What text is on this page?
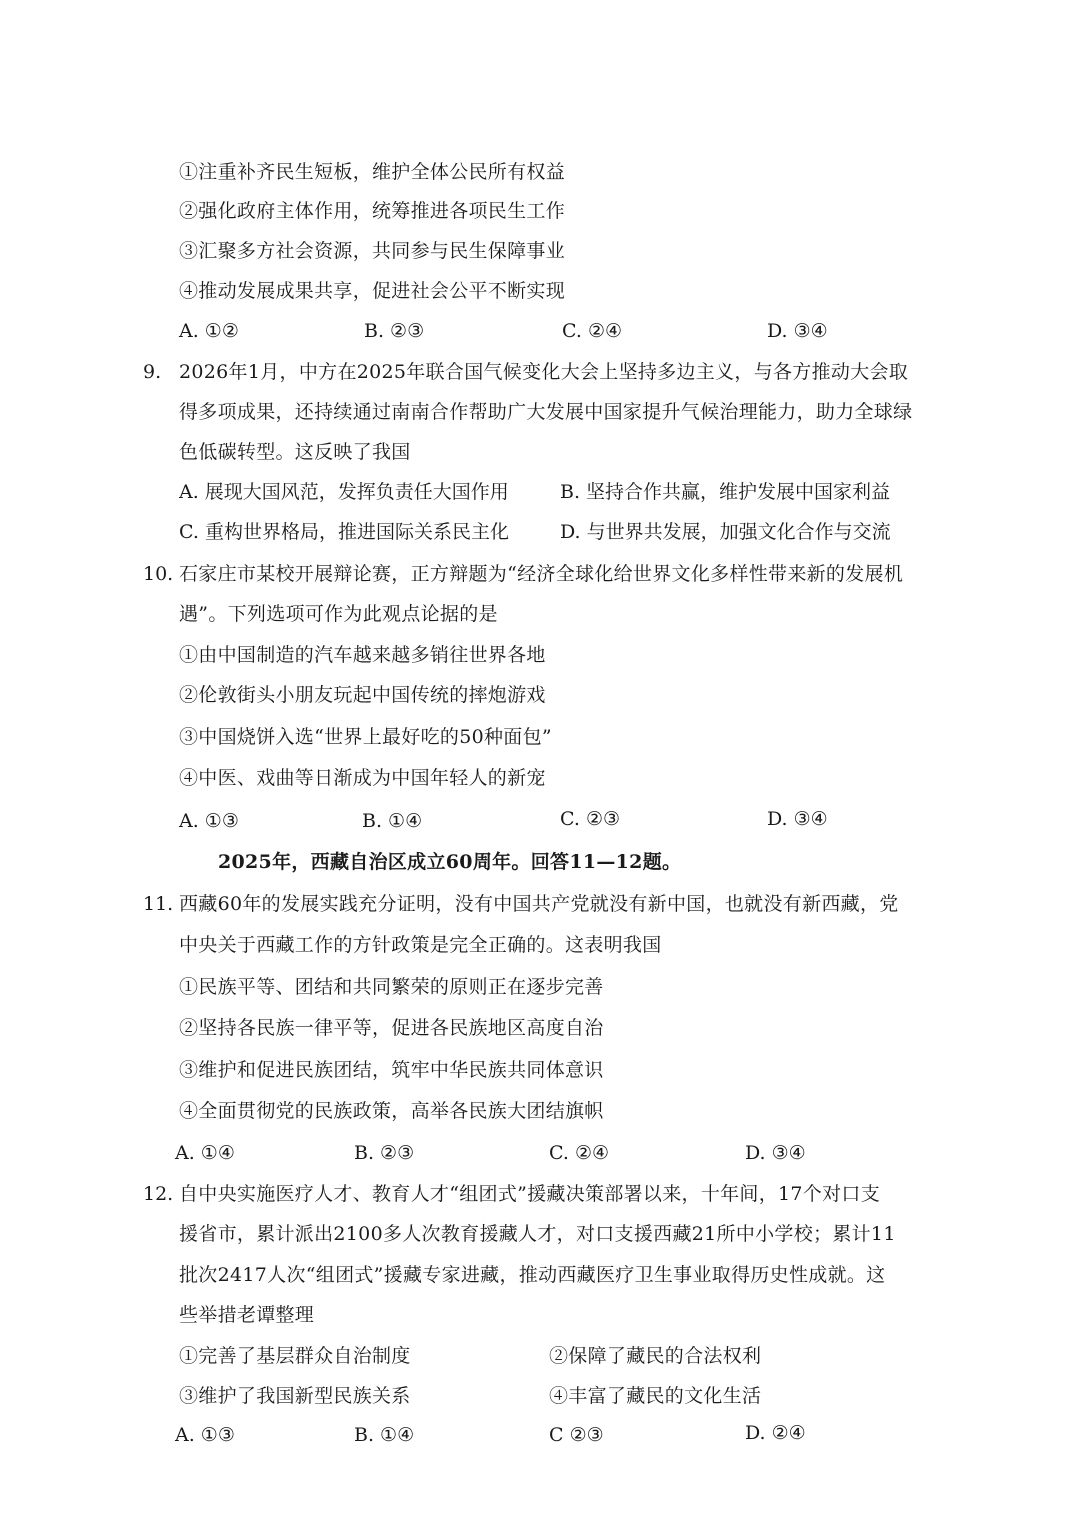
①注重补齐民生短板，维护全体公民所有权益
②强化政府主体作用，统筹推进各项民生工作
③汇聚多方社会资源，共同参与民生保障事业
④推动发展成果共享，促进社会公平不断实现
A. ①②	B. ②③	C. ②④	D. ③④
9. 2026年1月，中方在2025年联合国气候变化大会上坚持多边主义，与各方推动大会取
得多项成果，还持续通过南南合作帮助广大发展中国家提升气候治理能力，助力全球绿
色低碳转型。这反映了我国
A. 展现大国风范，发挥负责任大国作用	B. 坚持合作共赢，维护发展中国家利益
C. 重构世界格局，推进国际关系民主化	D. 与世界共发展，加强文化合作与交流
10. 石家庄市某校开展辩论赛，正方辩题为“经济全球化给世界文化多样性带来新的发展机
遇”。下列选项可作为此观点论据的是
①由中国制造的汽车越来越多销往世界各地
②伦敦街头小朋友玩起中国传统的摔炮游戏
③中国烧饼入选“世界上最好吃的50种面包”
④中医、戏曲等日渐成为中国年轻人的新宠
A. ①③	B. ①④	C. ②③	D. ③④
2025年，西藏自治区成立60周年。回答11—12题。
11. 西藏60年的发展实践充分证明，没有中国共产党就没有新中国，也就没有新西藏，党
中央关于西藏工作的方针政策是完全正确的。这表明我国
①民族平等、团结和共同繁荣的原则正在逐步完善
②坚持各民族一律平等，促进各民族地区高度自治
③维护和促进民族团结，筑牢中华民族共同体意识
④全面贯彻党的民族政策，高举各民族大团结旗帜
A. ①④	B. ②③	C. ②④	D. ③④
12. 自中央实施医疗人才、教育人才“组团式”援藏决策部署以来，十年间，17个对口支
援省市，累计派出2100多人次教育援藏人才，对口支援西藏21所中小学校；累计11
批次2417人次“组团式”援藏专家进藏，推动西藏医疗卫生事业取得历史性成就。这
些举措老谭整理
①完善了基层群众自治制度	②保障了藏民的合法权利
③维护了我国新型民族关系	④丰富了藏民的文化生活
A. ①③	B. ①④	C ②③	D. ②④
